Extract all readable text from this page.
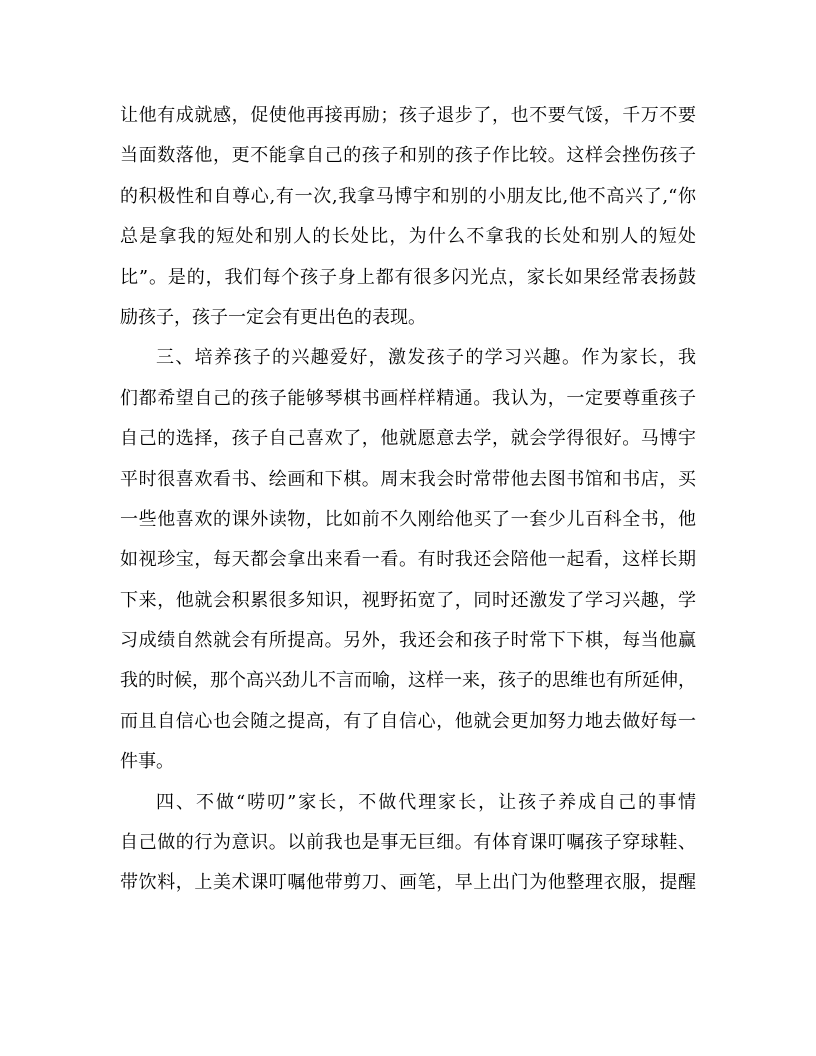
让他有成就感，促使他再接再励；孩子退步了，也不要气馁，千万不要
当面数落他，更不能拿自己的孩子和别的孩子作比较。这样会挫伤孩子
的积极性和自尊心,有一次,我拿马博宇和别的小朋友比,他不高兴了,“你
总是拿我的短处和别人的长处比，为什么不拿我的长处和别人的短处
比”。是的，我们每个孩子身上都有很多闪光点，家长如果经常表扬鼓
励孩子，孩子一定会有更出色的表现。
三、培养孩子的兴趣爱好，激发孩子的学习兴趣。作为家长，我
们都希望自己的孩子能够琴棋书画样样精通。我认为，一定要尊重孩子
自己的选择，孩子自己喜欢了，他就愿意去学，就会学得很好。马博宇
平时很喜欢看书、绘画和下棋。周末我会时常带他去图书馆和书店，买
一些他喜欢的课外读物，比如前不久刚给他买了一套少儿百科全书，他
如视珍宝，每天都会拿出来看一看。有时我还会陪他一起看，这样长期
下来，他就会积累很多知识，视野拓宽了，同时还激发了学习兴趣，学
习成绩自然就会有所提高。另外，我还会和孩子时常下下棋，每当他赢
我的时候，那个高兴劲儿不言而喻，这样一来，孩子的思维也有所延伸，
而且自信心也会随之提高，有了自信心，他就会更加努力地去做好每一
件事。
四、不做“唠叨”家长，不做代理家长，让孩子养成自己的事情
自己做的行为意识。以前我也是事无巨细。有体育课叮嘱孩子穿球鞋、
带饮料，上美术课叮嘱他带剪刀、画笔，早上出门为他整理衣服，提醒
